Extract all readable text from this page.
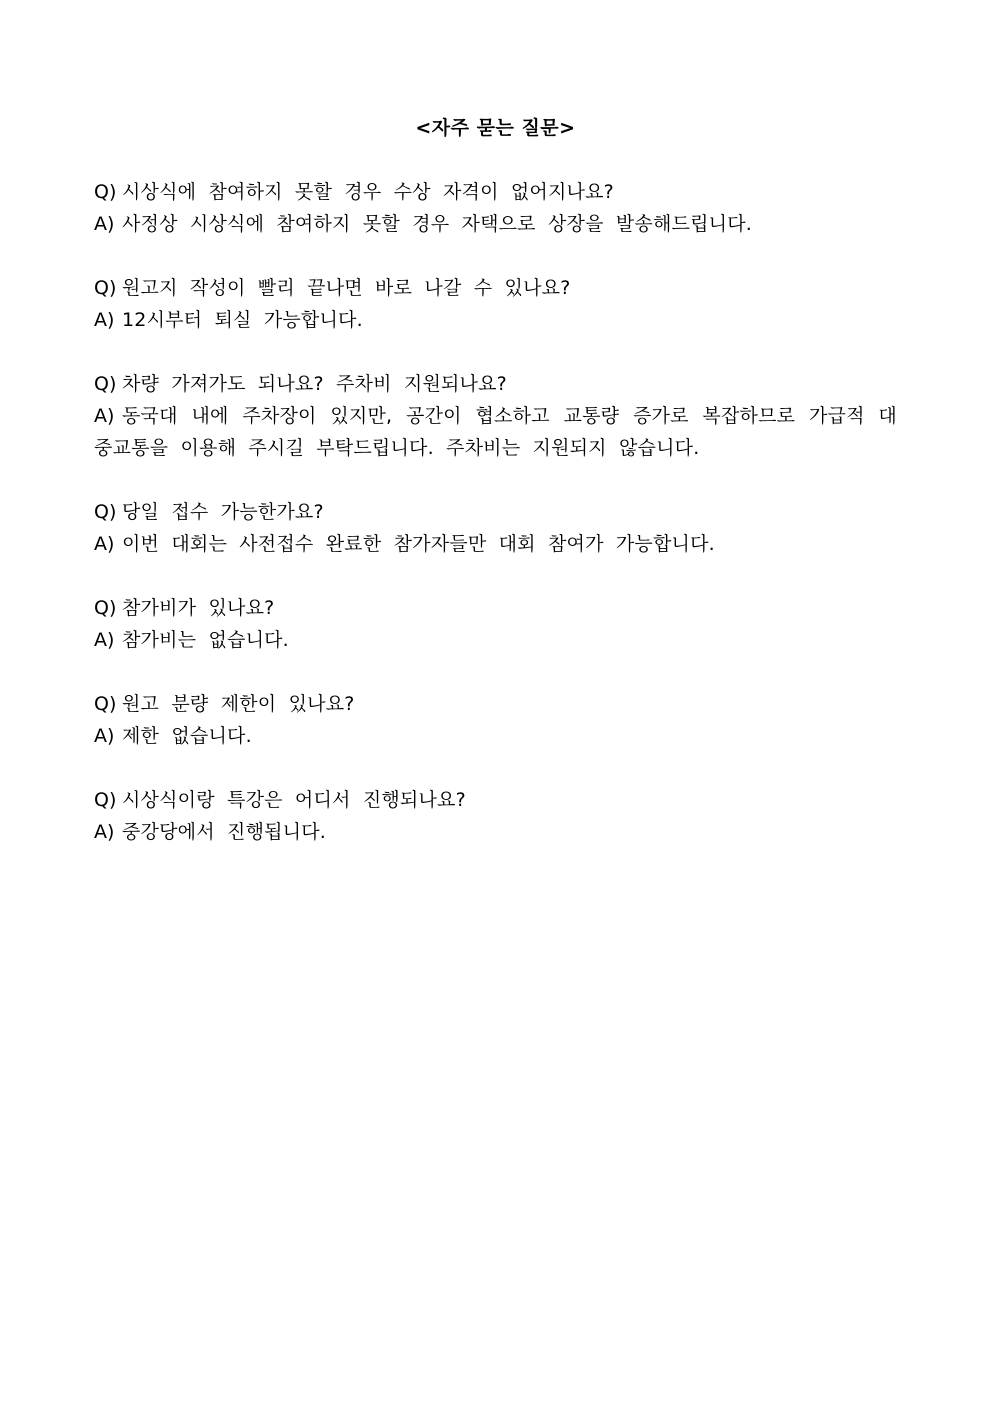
<자주 묻는 질문>
Q) 시상식에 참여하지 못할 경우 수상 자격이 없어지나요?
A) 사정상 시상식에 참여하지 못할 경우 자택으로 상장을 발송해드립니다.
Q) 원고지 작성이 빨리 끝나면 바로 나갈 수 있나요?
A) 12시부터 퇴실 가능합니다.
Q) 차량 가져가도 되나요? 주차비 지원되나요?
A) 동국대 내에 주차장이 있지만, 공간이 협소하고 교통량 증가로 복잡하므로 가급적 대중교통을 이용해 주시길 부탁드립니다. 주차비는 지원되지 않습니다.
Q) 당일 접수 가능한가요?
A) 이번 대회는 사전접수 완료한 참가자들만 대회 참여가 가능합니다.
Q) 참가비가 있나요?
A) 참가비는 없습니다.
Q) 원고 분량 제한이 있나요?
A) 제한 없습니다.
Q) 시상식이랑 특강은 어디서 진행되나요?
A) 중강당에서 진행됩니다.
